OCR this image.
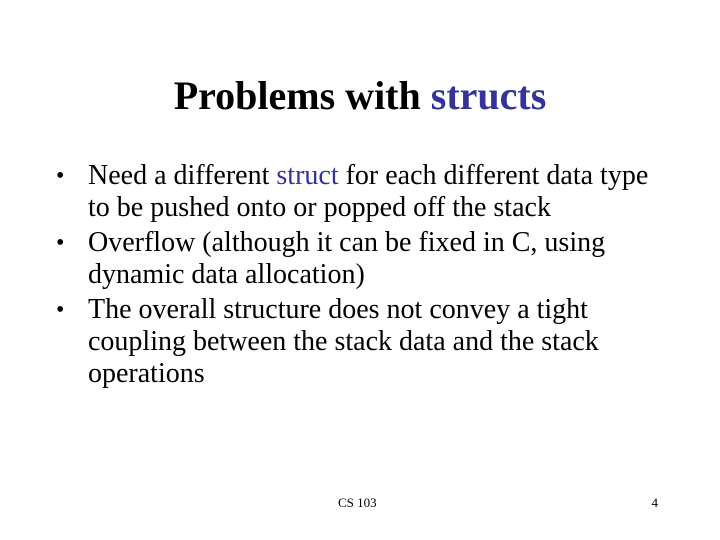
Problems with structs
• Need a different struct for each different data type to be pushed onto or popped off the stack
• Overflow (although it can be fixed in C, using dynamic data allocation)
• The overall structure does not convey a tight coupling between the stack data and the stack operations
CS 103	4
